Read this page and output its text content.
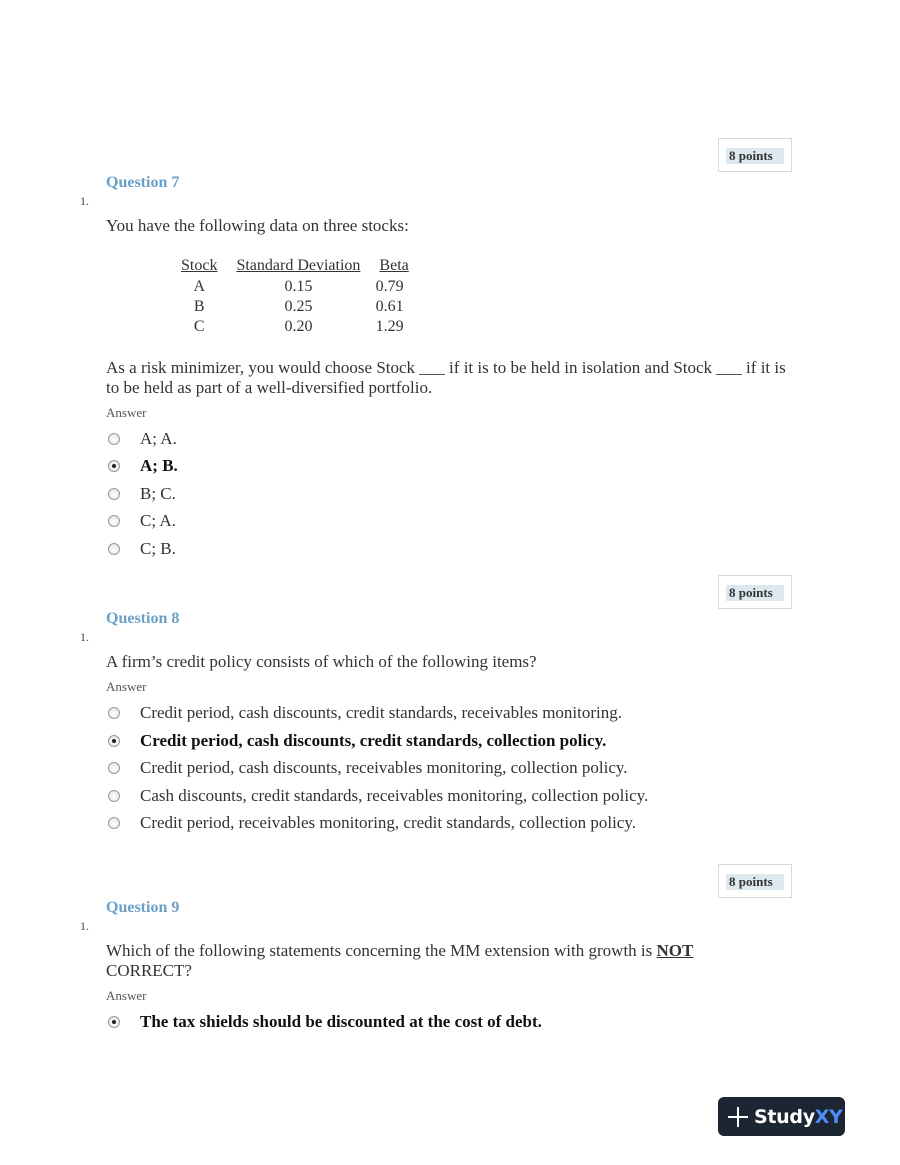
8 points
Question 7
1.
You have the following data on three stocks:
Stock	Standard Deviation	Beta
A	0.15	0.79
B	0.25	0.61
C	0.20	1.29
As a risk minimizer, you would choose Stock ___ if it is to be held in isolation and Stock ___ if it is to be held as part of a well-diversified portfolio.
Answer
A; A.
A; B.
B; C.
C; A.
C; B.
8 points
Question 8
1.
A firm’s credit policy consists of which of the following items?
Answer
Credit period, cash discounts, credit standards, receivables monitoring.
Credit period, cash discounts, credit standards, collection policy.
Credit period, cash discounts, receivables monitoring, collection policy.
Cash discounts, credit standards, receivables monitoring, collection policy.
Credit period, receivables monitoring, credit standards, collection policy.
8 points
Question 9
1.
Which of the following statements concerning the MM extension with growth is NOT CORRECT?
Answer
The tax shields should be discounted at the cost of debt.
StudyXY
